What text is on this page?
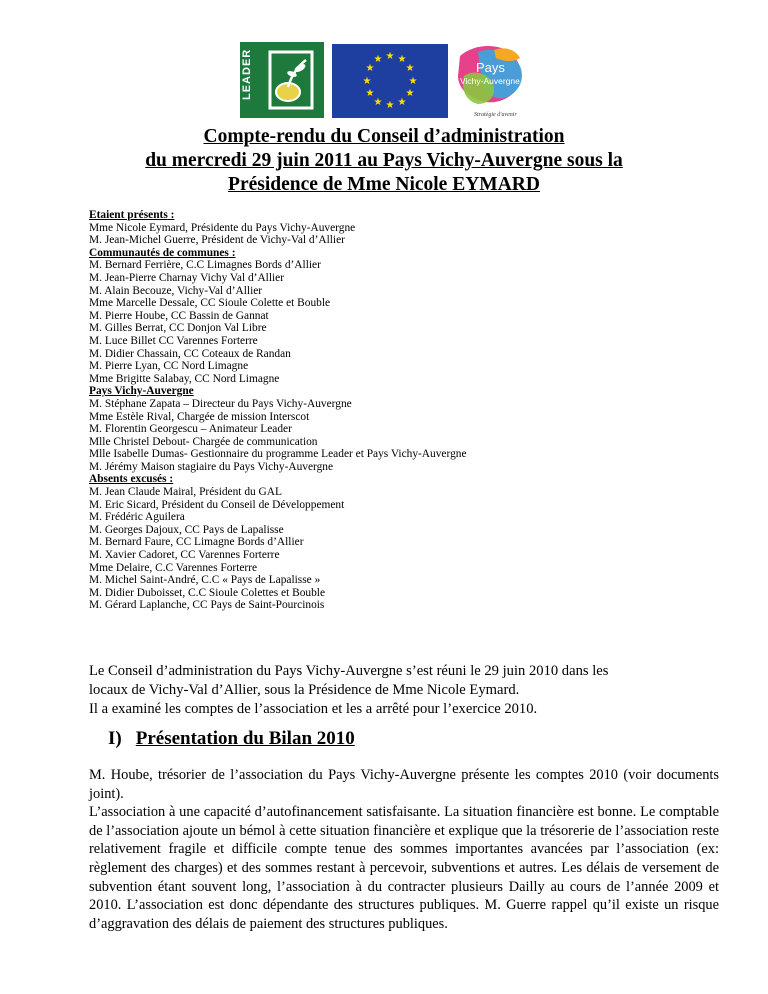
LEADER	★ ★
★
★
★
★
★
★
★
★
★
★
Pays
Vichy-Auvergne
Stratégie d'avenir
Compte-rendu du Conseil d’administration
du mercredi 29 juin 2011 au Pays Vichy-Auvergne sous la
Présidence de Mme Nicole EYMARD
Etaient présents :
Mme Nicole Eymard, Présidente du Pays Vichy-Auvergne
M. Jean-Michel Guerre, Président de Vichy-Val d’Allier
Communautés de communes :
M. Bernard Ferrière, C.C Limagnes Bords d’Allier
M. Jean-Pierre Charnay Vichy Val d’Allier
M. Alain Becouze, Vichy-Val d’Allier
Mme Marcelle Dessale, CC Sioule Colette et Bouble
M. Pierre Hoube, CC Bassin de Gannat
M. Gilles Berrat, CC Donjon Val Libre
M. Luce Billet CC Varennes Forterre
M. Didier Chassain, CC Coteaux de Randan
M. Pierre Lyan, CC Nord Limagne
Mme Brigitte Salabay, CC Nord Limagne
Pays Vichy-Auvergne
M. Stéphane Zapata – Directeur du Pays Vichy-Auvergne
Mme Estèle Rival, Chargée de mission Interscot
M. Florentin Georgescu – Animateur Leader
Mlle Christel Debout- Chargée de communication
Mlle Isabelle Dumas- Gestionnaire du programme Leader et Pays Vichy-Auvergne
M. Jérémy Maison stagiaire du Pays Vichy-Auvergne
Absents excusés :
M. Jean Claude Mairal, Président du GAL
M. Eric Sicard, Président du Conseil de Développement
M. Frédéric Aguilera
M. Georges Dajoux, CC Pays de Lapalisse
M. Bernard Faure, CC Limagne Bords d’Allier
M. Xavier Cadoret, CC Varennes Forterre
Mme Delaire, C.C Varennes Forterre
M. Michel Saint-André, C.C « Pays de Lapalisse »
M. Didier Duboisset, C.C Sioule Colettes et Bouble
M. Gérard Laplanche, CC Pays de Saint-Pourcinois
Le Conseil d’administration du Pays Vichy-Auvergne s’est réuni le 29 juin 2010 dans les
locaux de Vichy-Val d’Allier, sous la Présidence de Mme Nicole Eymard.
Il a examiné les comptes de l’association et les a arrêté pour l’exercice 2010.
I) Présentation du Bilan 2010
M. Hoube, trésorier de l’association du Pays Vichy-Auvergne présente les comptes 2010 (voir documents joint).
L’association à une capacité d’autofinancement satisfaisante. La situation financière est bonne. Le comptable de l’association ajoute un bémol à cette situation financière et explique que la trésorerie de l’association reste relativement fragile et difficile compte tenue des sommes importantes avancées par l’association (ex: règlement des charges) et des sommes restant à percevoir, subventions et autres. Les délais de versement de subvention étant souvent long, l’association à du contracter plusieurs Dailly au cours de l’année 2009 et 2010. L’association est donc dépendante des structures publiques. M. Guerre rappel qu’il existe un risque d’aggravation des délais de paiement des structures publiques.
